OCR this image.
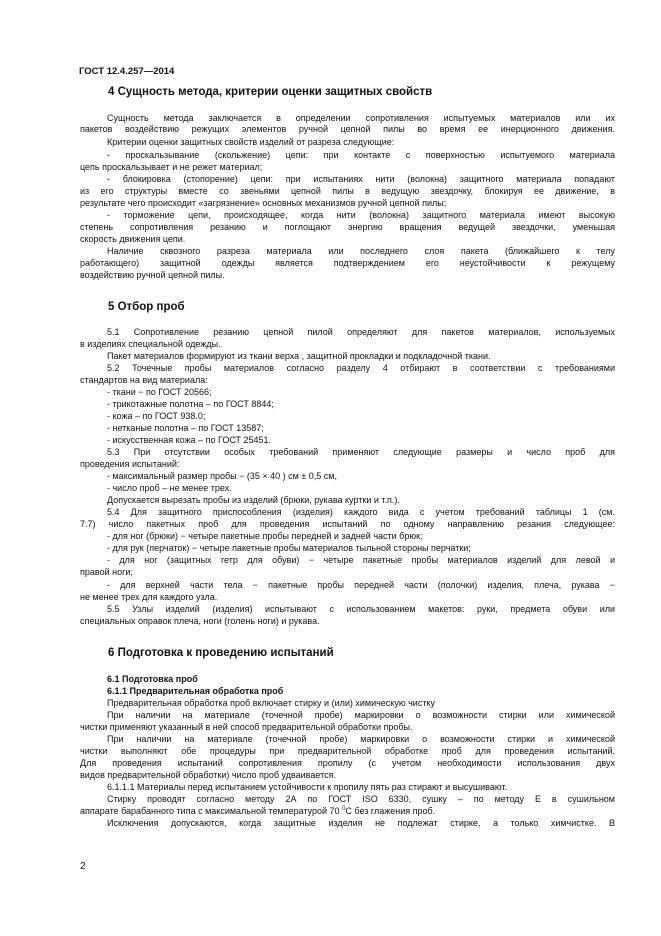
ГОСТ 12.4.257—2014
4 Сущность метода, критерии оценки защитных свойств
Сущность метода заключается в определении сопротивления испытуемых материалов или их
пакетов воздействию режущих элементов ручной цепной пилы во время ее инерционного движения.
Критерии оценки защитных свойств изделий от разреза следующие:
- проскальзывание (скольжение) цепи: при контакте с поверхностью испытуемого материала
цепь проскальзывает и не режет материал;
- блокировка (стопорение) цепи: при испытаниях нити (волокна) защитного материала попадают
из его структуры вместе со звеньями цепной пилы в ведущую звездочку, блокируя ее движение, в
результате чего происходит «загрязнение» основных механизмов ручной цепной пилы;
- торможение цепи, происходящее, когда нити (волокна) защитного материала имеют высокую
степень сопротивления резанию и поглощают энергию вращения ведущей звездочки, уменьшая
скорость движения цепи.
Наличие сквозного разреза материала или последнего слоя пакета (ближайшего к телу
работающего) защитной одежды является подтверждением его неустойчивости к режущему
воздействию ручной цепной пилы.
5 Отбор проб
5.1 Сопротивление резанию цепной пилой определяют для пакетов материалов, используемых
в изделиях специальной одежды.
Пакет материалов формируют из ткани верха , защитной прокладки и подкладочной ткани.
5.2 Точечные пробы материалов согласно разделу 4 отбирают в соответствии с требованиями
стандартов на вид материала:
- ткани − по ГОСТ 20566;
- трикотажные полотна – по ГОСТ 8844;
- кожа – по ГОСТ 938.0;
- нетканые полотна – по ГОСТ 13587;
- искусственная кожа – по ГОСТ 25451.
5.3 При отсутствии особых требований применяют следующие размеры и число проб для
проведения испытаний:
- максимальный размер пробы − (35 × 40 ) см ± 0,5 см,
- число проб – не менее трех.
Допускается вырезать пробы из изделий (брюки, рукава куртки и т.п.).
5.4 Для защитного приспособления (изделия) каждого вида с учетом требований таблицы 1 (см.
7.7) число пакетных проб для проведения испытаний по одному направлению резания следующее:
- для ног (брюки) − четыре пакетные пробы передней и задней части брюк;
- для рук (перчаток) − четыре пакетные пробы материалов тыльной стороны перчатки;
- для ног (защитных гетр для обуви) − четыре пакетные пробы материалов изделий для левой и
правой ноги;
- для верхней части тела − пакетные пробы передней части (полочки) изделия, плеча, рукава −
не менее трех для каждого узла.
5.5 Узлы изделий (изделия) испытывают с использованием макетов: руки, предмета обуви или
специальных оправок плеча, ноги (голень ноги) и рукава.
6 Подготовка к проведению испытаний
6.1 Подготовка проб
6.1.1 Предварительная обработка проб
Предварительная обработка проб включает стирку и (или) химическую чистку
При наличии на материале (точечной пробе) маркировки о возможности стирки или химической
чистки применяют указанный в ней способ предварительной обработки пробы.
При наличии на материале (точечной пробе) маркировки о возможности стирки и химической
чистки выполняют обе процедуры при предварительной обработке проб для проведения испытаний.
Для проведения испытаний сопротивления пропилу (с учетом необходимости использования двух
видов предварительной обработки) число проб удваивается.
6.1.1.1 Материалы перед испытанием устойчивости к пропилу пять раз стирают и высушивают.
Стирку проводят согласно методу 2А по ГОСТ ISO 6330, сушку – по методу Е в сушильном
аппарате барабанного типа с максимальной температурой 70 $^0$С без глажения проб.
Исключения допускаются, когда защитные изделия не подлежат стирке, а только химчистке. В
2
